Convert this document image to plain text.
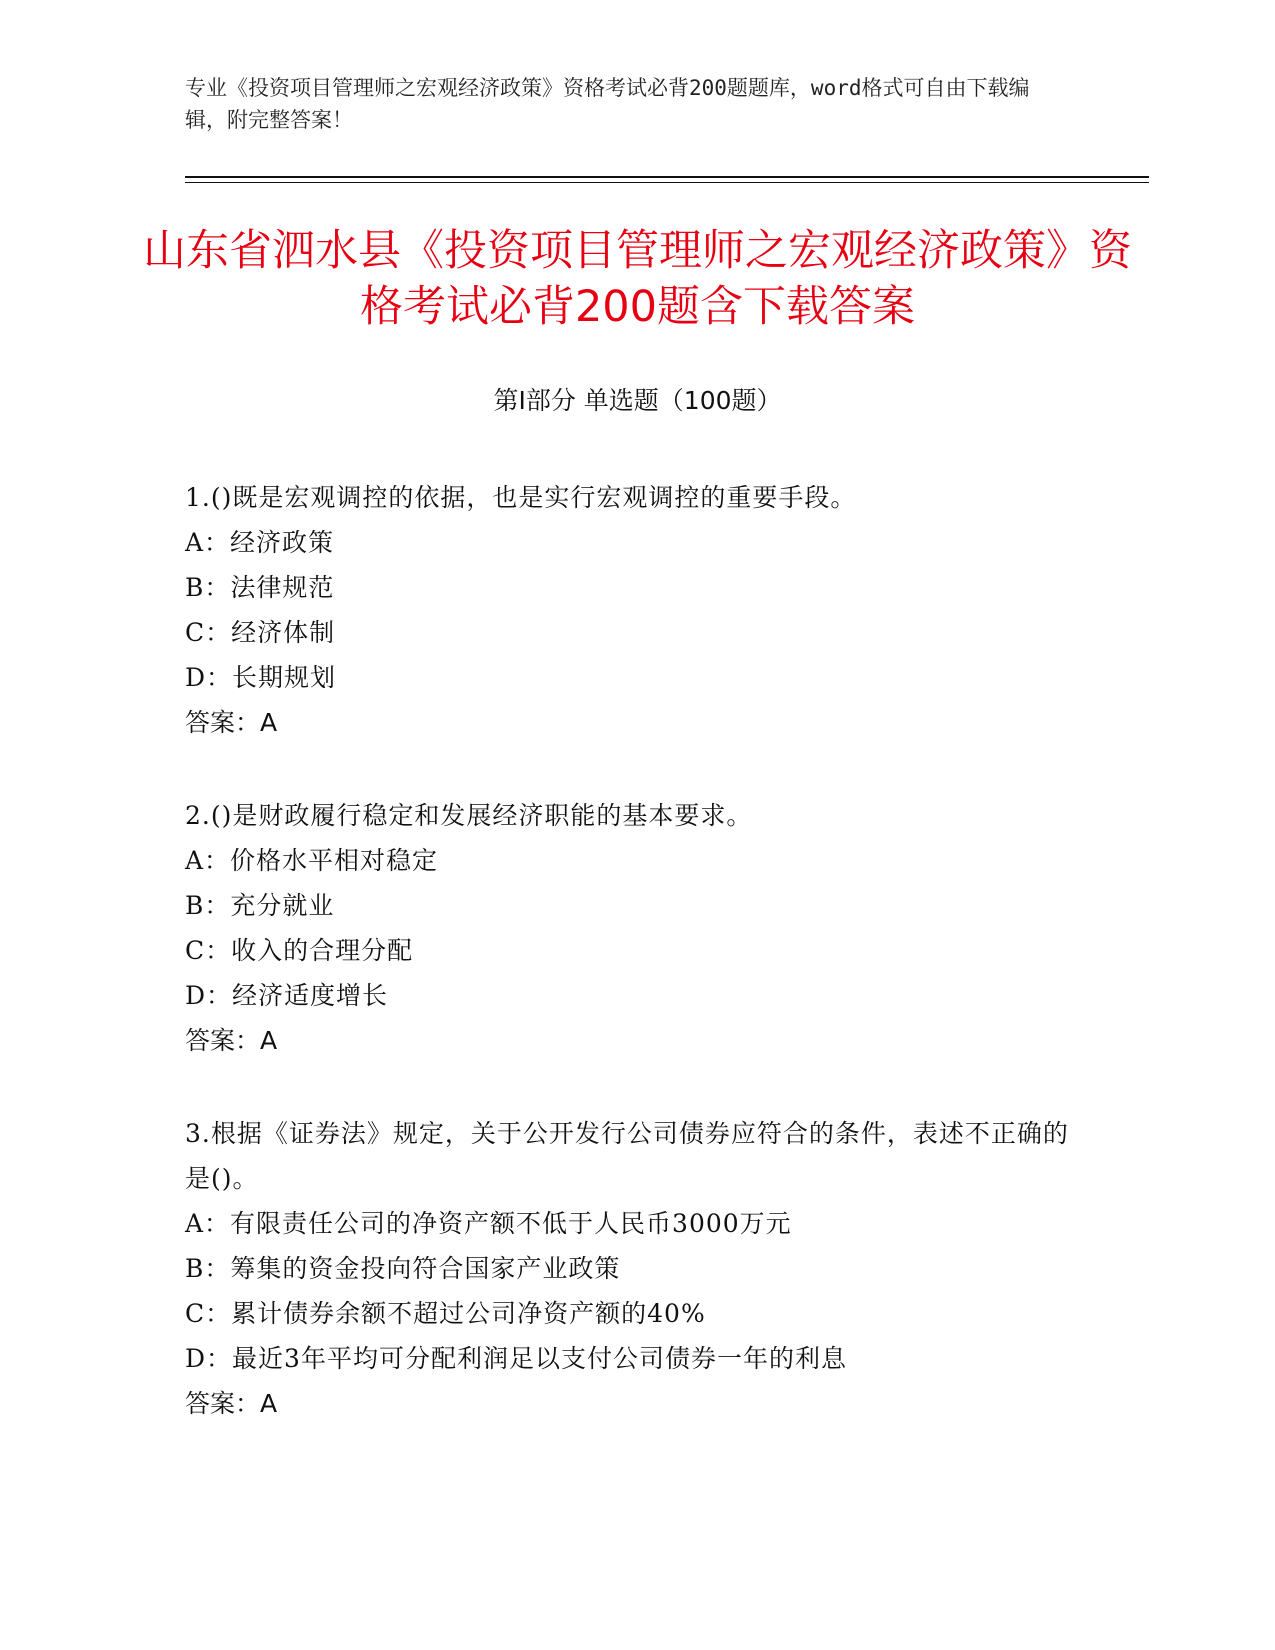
专业《投资项目管理师之宏观经济政策》资格考试必背200题题库，word格式可自由下载编辑，附完整答案！
山东省泗水县《投资项目管理师之宏观经济政策》资格考试必背200题含下载答案
第Ⅰ部分 单选题（100题）
1.()既是宏观调控的依据，也是实行宏观调控的重要手段。
A：经济政策
B：法律规范
C：经济体制
D：长期规划
答案：A
2.()是财政履行稳定和发展经济职能的基本要求。
A：价格水平相对稳定
B：充分就业
C：收入的合理分配
D：经济适度增长
答案：A
3.根据《证券法》规定，关于公开发行公司债券应符合的条件，表述不正确的是()。
A：有限责任公司的净资产额不低于人民币3000万元
B：筹集的资金投向符合国家产业政策
C：累计债券余额不超过公司净资产额的40%
D：最近3年平均可分配利润足以支付公司债券一年的利息
答案：A
